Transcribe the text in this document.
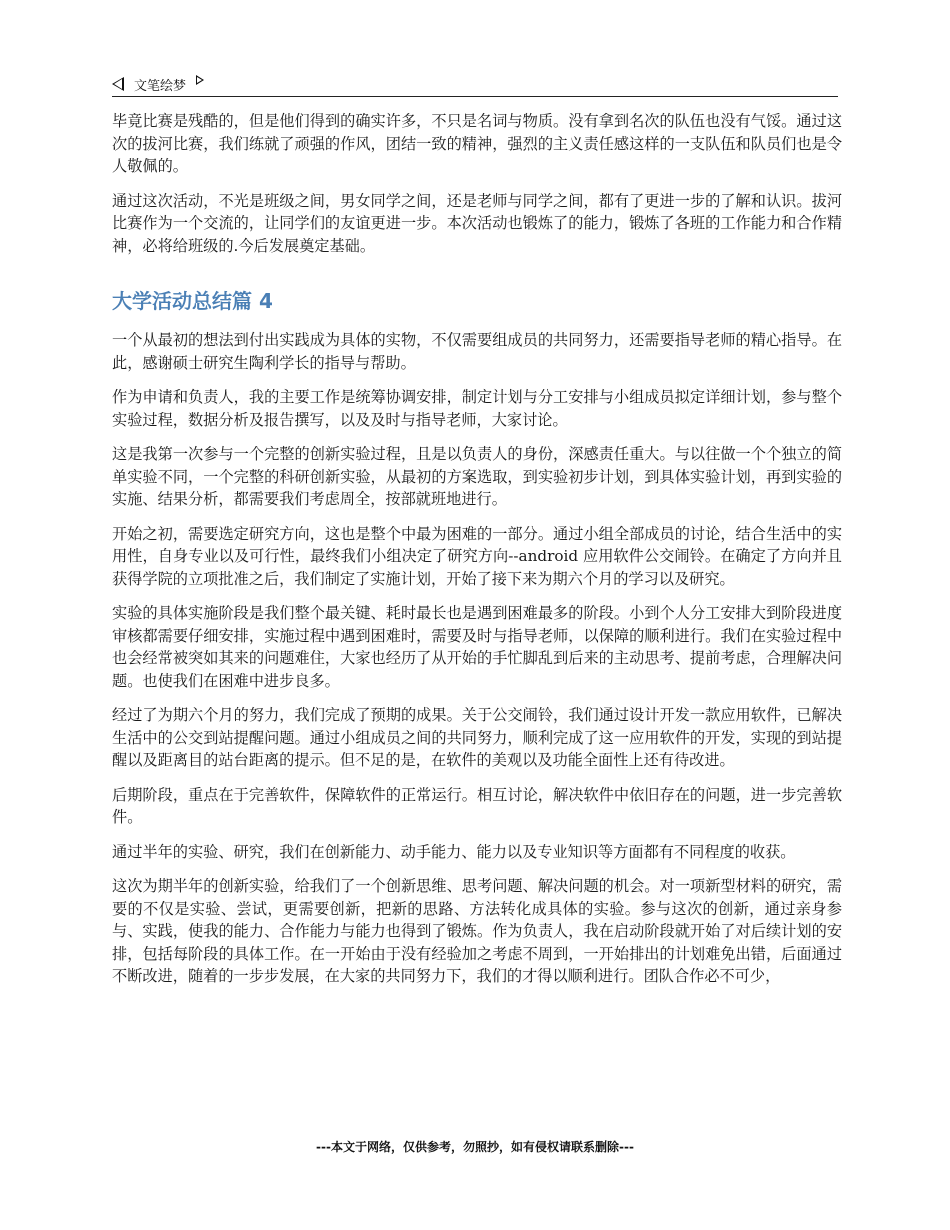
文笔绘梦

毕竟比赛是残酷的，但是他们得到的确实许多，不只是名词与物质。没有拿到名次的队伍也没有气馁。通过这次的拔河比赛，我们练就了顽强的作风，团结一致的精神，强烈的主义责任感这样的一支队伍和队员们也是令人敬佩的。

通过这次活动，不光是班级之间，男女同学之间，还是老师与同学之间，都有了更进一步的了解和认识。拔河比赛作为一个交流的，让同学们的友谊更进一步。本次活动也锻炼了的能力，锻炼了各班的工作能力和合作精神，必将给班级的.今后发展奠定基础。

大学活动总结篇 4

一个从最初的想法到付出实践成为具体的实物，不仅需要组成员的共同努力，还需要指导老师的精心指导。在此，感谢硕士研究生陶利学长的指导与帮助。

作为申请和负责人，我的主要工作是统筹协调安排，制定计划与分工安排与小组成员拟定详细计划，参与整个实验过程，数据分析及报告撰写，以及及时与指导老师，大家讨论。

这是我第一次参与一个完整的创新实验过程，且是以负责人的身份，深感责任重大。与以往做一个个独立的简单实验不同，一个完整的科研创新实验，从最初的方案选取，到实验初步计划，到具体实验计划，再到实验的实施、结果分析，都需要我们考虑周全，按部就班地进行。

开始之初，需要选定研究方向，这也是整个中最为困难的一部分。通过小组全部成员的讨论，结合生活中的实用性，自身专业以及可行性，最终我们小组决定了研究方向--android 应用软件公交闹铃。在确定了方向并且获得学院的立项批准之后，我们制定了实施计划，开始了接下来为期六个月的学习以及研究。

实验的具体实施阶段是我们整个最关键、耗时最长也是遇到困难最多的阶段。小到个人分工安排大到阶段进度审核都需要仔细安排，实施过程中遇到困难时，需要及时与指导老师，以保障的顺利进行。我们在实验过程中也会经常被突如其来的问题难住，大家也经历了从开始的手忙脚乱到后来的主动思考、提前考虑，合理解决问题。也使我们在困难中进步良多。

经过了为期六个月的努力，我们完成了预期的成果。关于公交闹铃，我们通过设计开发一款应用软件，已解决生活中的公交到站提醒问题。通过小组成员之间的共同努力，顺利完成了这一应用软件的开发，实现的到站提醒以及距离目的站台距离的提示。但不足的是，在软件的美观以及功能全面性上还有待改进。

后期阶段，重点在于完善软件，保障软件的正常运行。相互讨论，解决软件中依旧存在的问题，进一步完善软件。

通过半年的实验、研究，我们在创新能力、动手能力、能力以及专业知识等方面都有不同程度的收获。

这次为期半年的创新实验，给我们了一个创新思维、思考问题、解决问题的机会。对一项新型材料的研究，需要的不仅是实验、尝试，更需要创新，把新的思路、方法转化成具体的实验。参与这次的创新，通过亲身参与、实践，使我的能力、合作能力与能力也得到了锻炼。作为负责人，我在启动阶段就开始了对后续计划的安排，包括每阶段的具体工作。在一开始由于没有经验加之考虑不周到，一开始排出的计划难免出错，后面通过不断改进，随着的一步步发展，在大家的共同努力下，我们的才得以顺利进行。团队合作必不可少，

---本文于网络，仅供参考，勿照抄，如有侵权请联系删除---
